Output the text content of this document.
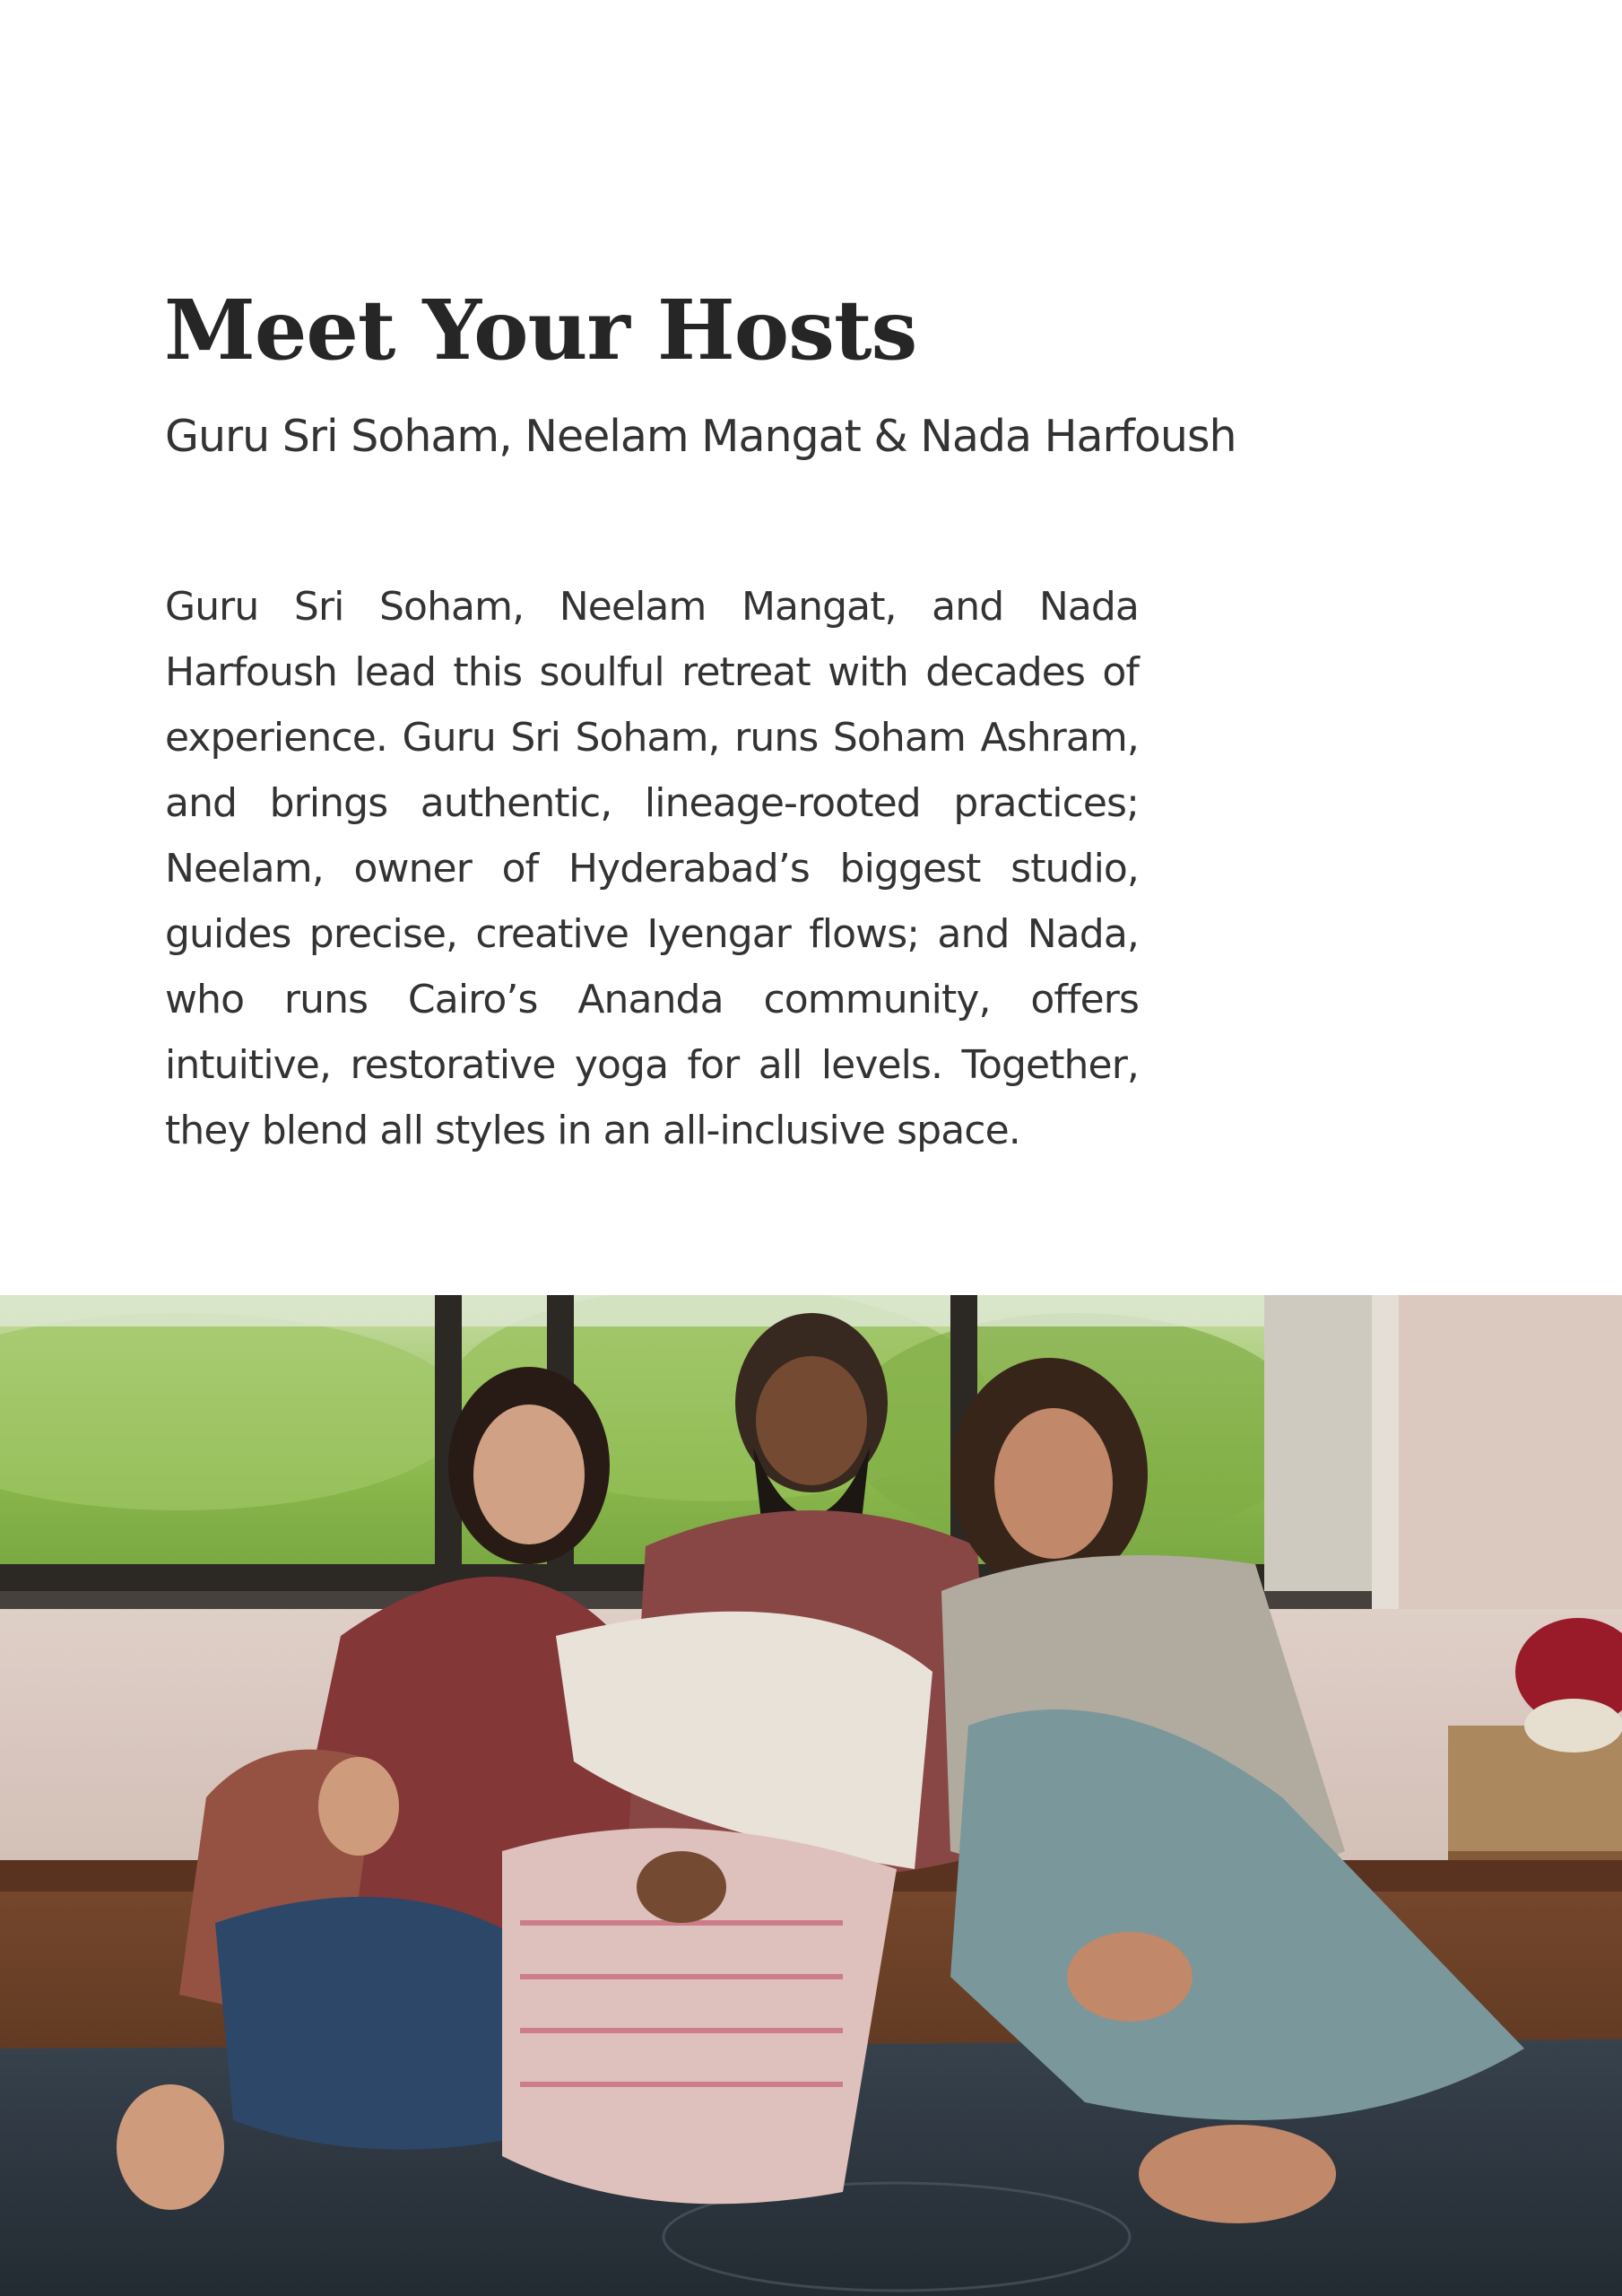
Meet Your Hosts

Guru Sri Soham, Neelam Mangat & Nada Harfoush

Guru Sri Soham, Neelam Mangat, and Nada Harfoush lead this soulful retreat with decades of experience. Guru Sri Soham, runs Soham Ashram, and brings authentic, lineage-rooted practices; Neelam, owner of Hyderabad’s biggest studio, guides precise, creative Iyengar flows; and Nada, who runs Cairo’s Ananda community, offers intuitive, restorative yoga for all levels. Together, they blend all styles in an all-inclusive space.
